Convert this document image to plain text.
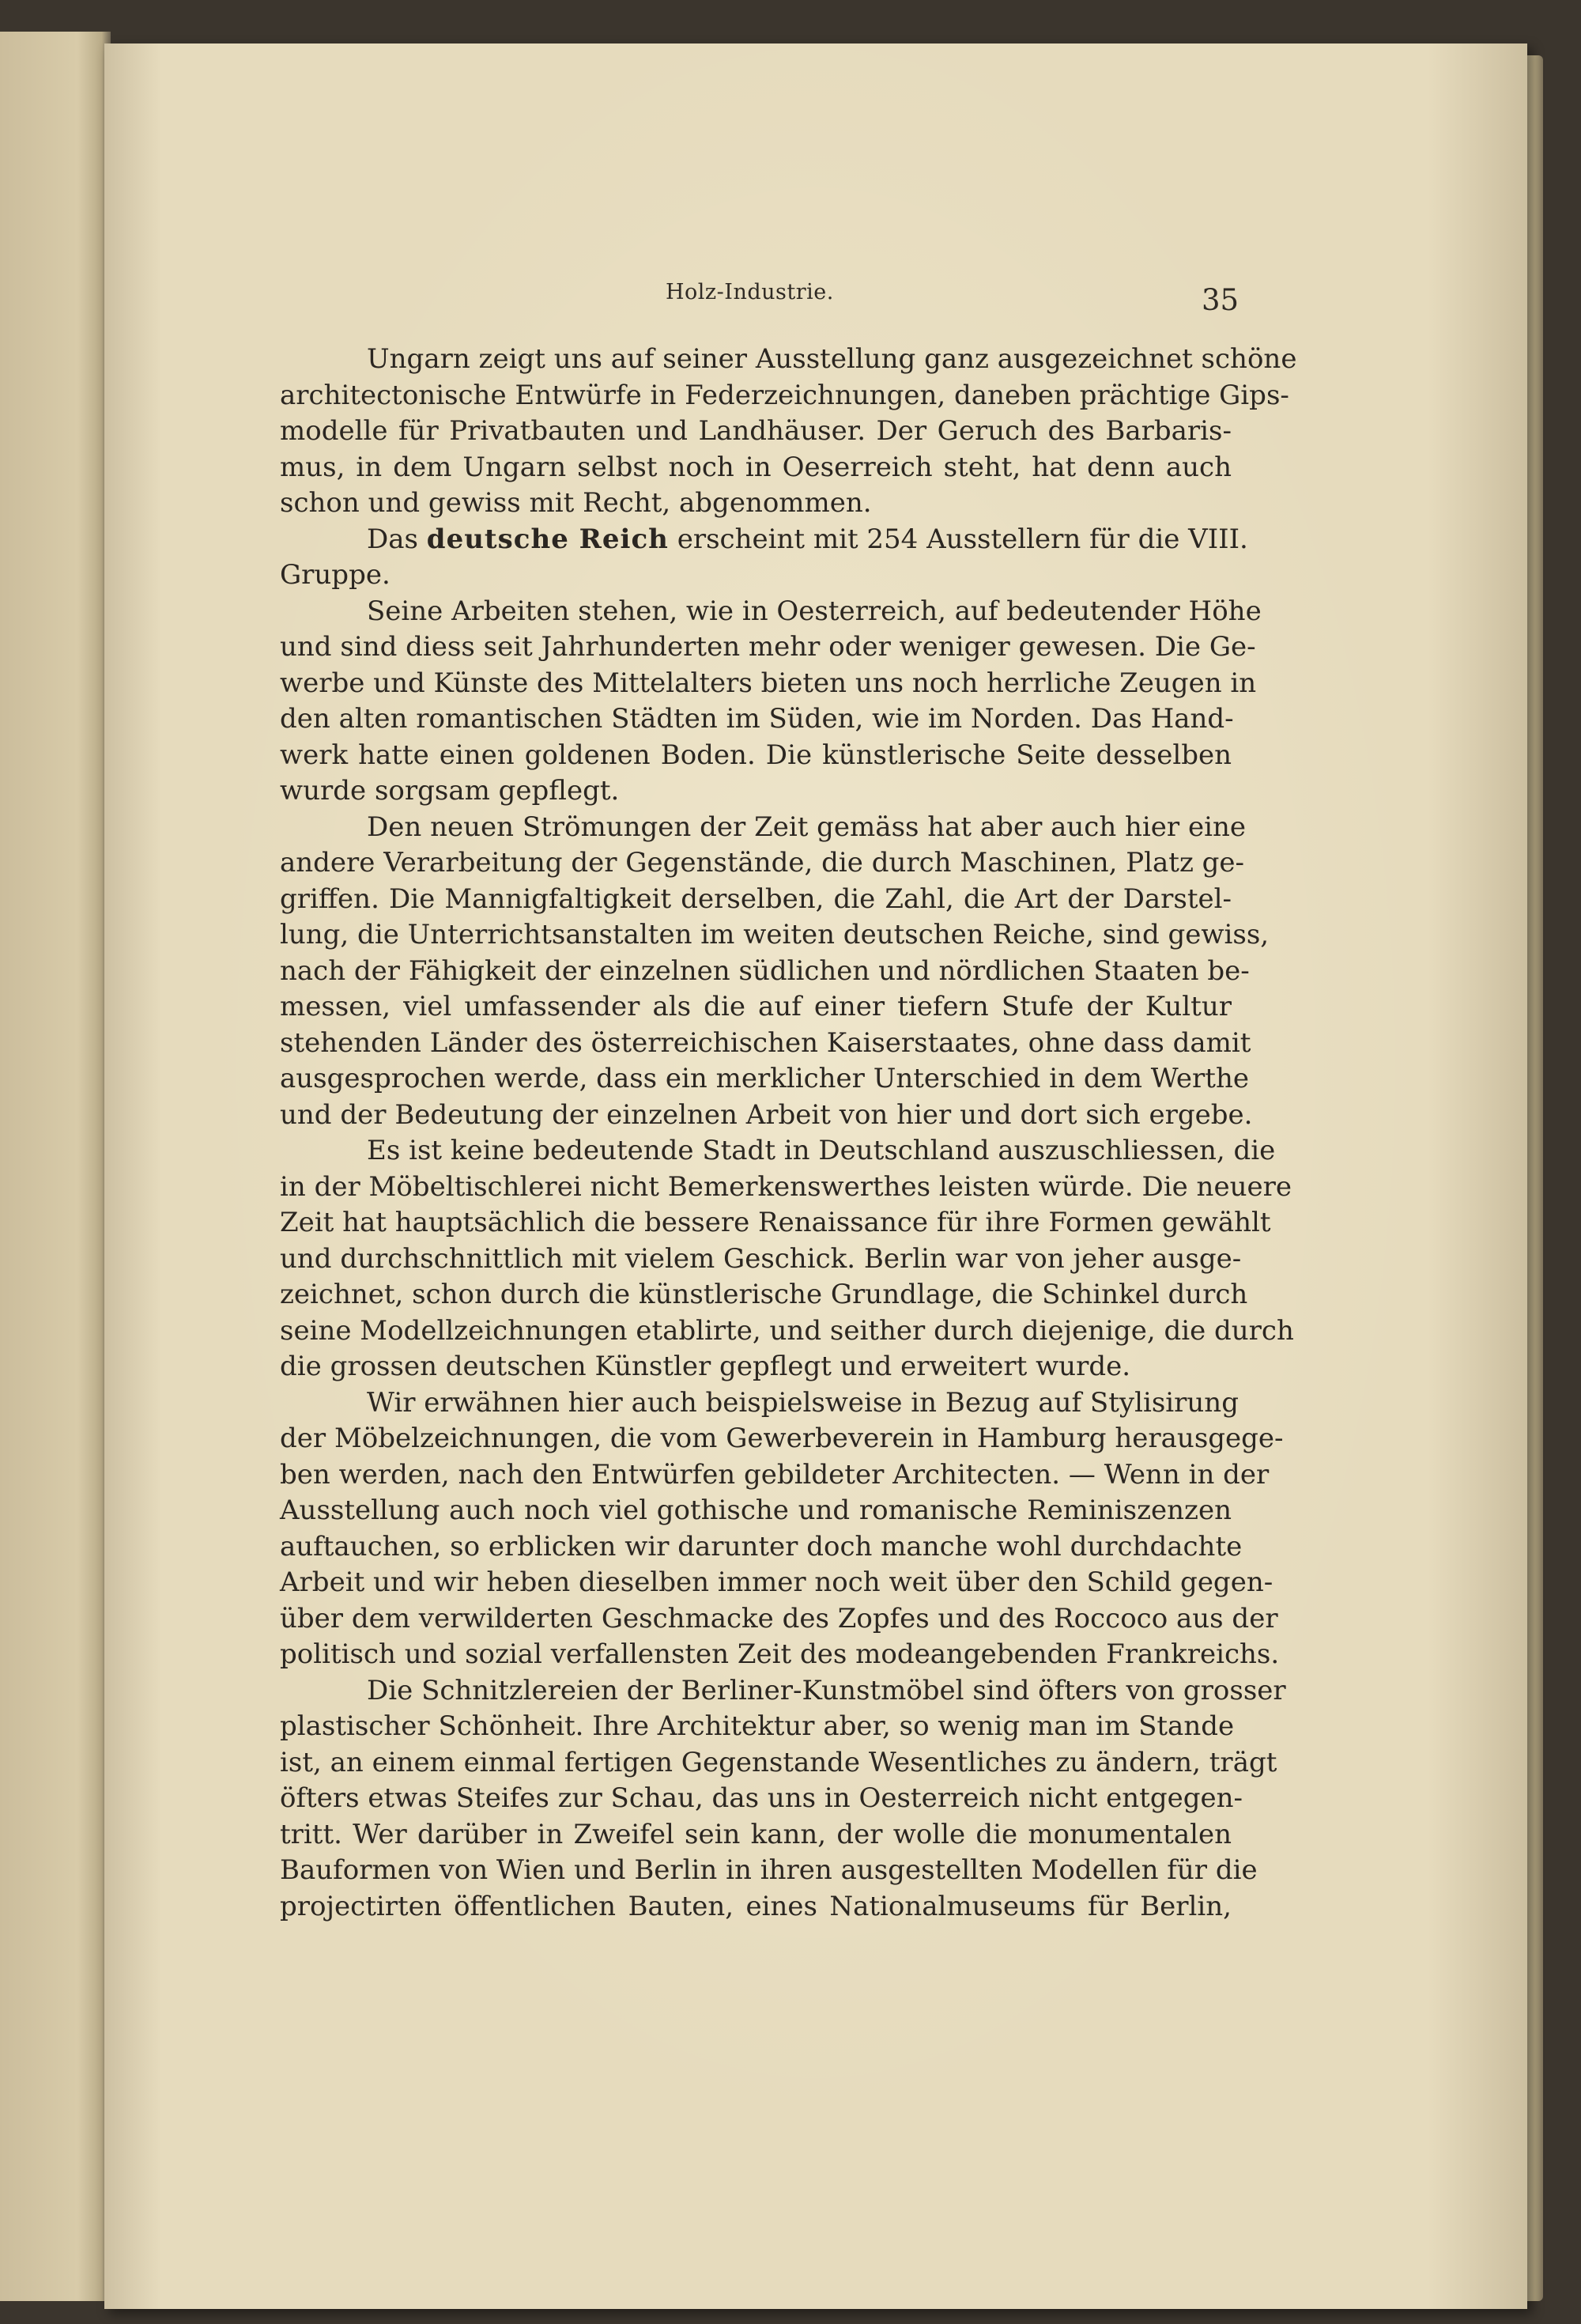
Holz-Industrie.	35
Ungarn zeigt uns auf seiner Ausstellung ganz ausgezeichnet schöne
architectonische Entwürfe in Federzeichnungen, daneben prächtige Gips-
modelle für Privatbauten und Landhäuser. Der Geruch des Barbaris-
mus, in dem Ungarn selbst noch in Oeserreich steht, hat denn auch
schon und gewiss mit Recht, abgenommen.
Das deutsche Reich erscheint mit 254 Ausstellern für die VIII.
Gruppe.
Seine Arbeiten stehen, wie in Oesterreich, auf bedeutender Höhe
und sind diess seit Jahrhunderten mehr oder weniger gewesen. Die Ge-
werbe und Künste des Mittelalters bieten uns noch herrliche Zeugen in
den alten romantischen Städten im Süden, wie im Norden. Das Hand-
werk hatte einen goldenen Boden. Die künstlerische Seite desselben
wurde sorgsam gepflegt.
Den neuen Strömungen der Zeit gemäss hat aber auch hier eine
andere Verarbeitung der Gegenstände, die durch Maschinen, Platz ge-
griffen. Die Mannigfaltigkeit derselben, die Zahl, die Art der Darstel-
lung, die Unterrichtsanstalten im weiten deutschen Reiche, sind gewiss,
nach der Fähigkeit der einzelnen südlichen und nördlichen Staaten be-
messen, viel umfassender als die auf einer tiefern Stufe der Kultur
stehenden Länder des österreichischen Kaiserstaates, ohne dass damit
ausgesprochen werde, dass ein merklicher Unterschied in dem Werthe
und der Bedeutung der einzelnen Arbeit von hier und dort sich ergebe.
Es ist keine bedeutende Stadt in Deutschland auszuschliessen, die
in der Möbeltischlerei nicht Bemerkenswerthes leisten würde. Die neuere
Zeit hat hauptsächlich die bessere Renaissance für ihre Formen gewählt
und durchschnittlich mit vielem Geschick. Berlin war von jeher ausge-
zeichnet, schon durch die künstlerische Grundlage, die Schinkel durch
seine Modellzeichnungen etablirte, und seither durch diejenige, die durch
die grossen deutschen Künstler gepflegt und erweitert wurde.
Wir erwähnen hier auch beispielsweise in Bezug auf Stylisirung
der Möbelzeichnungen, die vom Gewerbeverein in Hamburg herausgege-
ben werden, nach den Entwürfen gebildeter Architecten. — Wenn in der
Ausstellung auch noch viel gothische und romanische Reminiszenzen
auftauchen, so erblicken wir darunter doch manche wohl durchdachte
Arbeit und wir heben dieselben immer noch weit über den Schild gegen-
über dem verwilderten Geschmacke des Zopfes und des Roccoco aus der
politisch und sozial verfallensten Zeit des modeangebenden Frankreichs.
Die Schnitzlereien der Berliner-Kunstmöbel sind öfters von grosser
plastischer Schönheit. Ihre Architektur aber, so wenig man im Stande
ist, an einem einmal fertigen Gegenstande Wesentliches zu ändern, trägt
öfters etwas Steifes zur Schau, das uns in Oesterreich nicht entgegen-
tritt. Wer darüber in Zweifel sein kann, der wolle die monumentalen
Bauformen von Wien und Berlin in ihren ausgestellten Modellen für die
projectirten öffentlichen Bauten, eines Nationalmuseums für Berlin,
